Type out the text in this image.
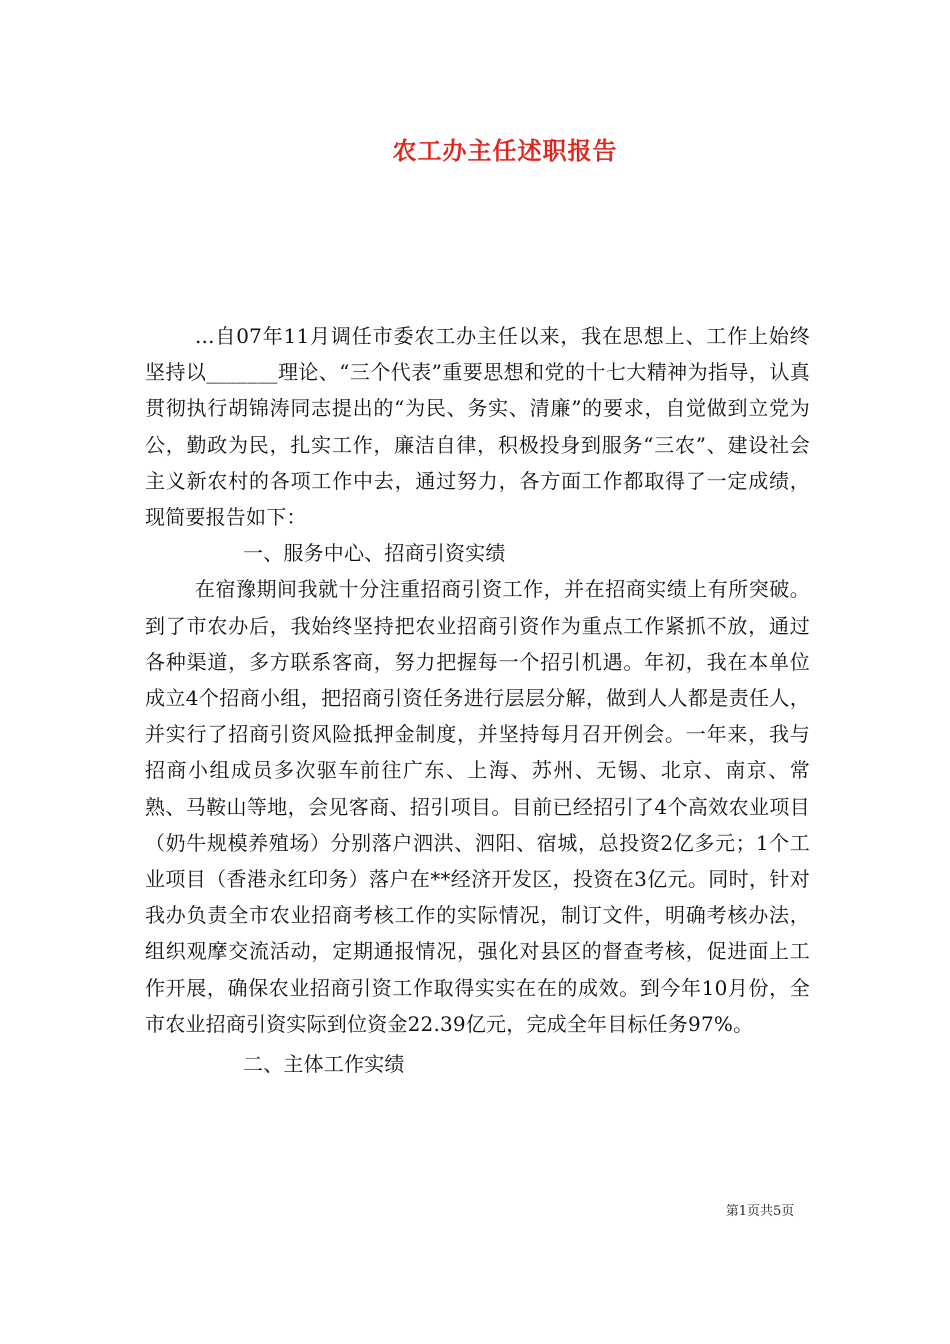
农工办主任述职报告

...自07年11月调任市委农工办主任以来，我在思想上、工作上始终坚持以_______理论、“三个代表”重要思想和党的十七大精神为指导，认真贯彻执行胡锦涛同志提出的“为民、务实、清廉”的要求，自觉做到立党为公，勤政为民，扎实工作，廉洁自律，积极投身到服务“三农”、建设社会主义新农村的各项工作中去，通过努力，各方面工作都取得了一定成绩，现简要报告如下：

一、服务中心、招商引资实绩

在宿豫期间我就十分注重招商引资工作，并在招商实绩上有所突破。到了市农办后，我始终坚持把农业招商引资作为重点工作紧抓不放，通过各种渠道，多方联系客商，努力把握每一个招引机遇。年初，我在本单位成立4个招商小组，把招商引资任务进行层层分解，做到人人都是责任人，并实行了招商引资风险抵押金制度，并坚持每月召开例会。一年来，我与招商小组成员多次驱车前往广东、上海、苏州、无锡、北京、南京、常熟、马鞍山等地，会见客商、招引项目。目前已经招引了4个高效农业项目（奶牛规模养殖场）分别落户泗洪、泗阳、宿城，总投资2亿多元；1个工业项目（香港永红印务）落户在**经济开发区，投资在3亿元。同时，针对我办负责全市农业招商考核工作的实际情况，制订文件，明确考核办法，组织观摩交流活动，定期通报情况，强化对县区的督查考核，促进面上工作开展，确保农业招商引资工作取得实实在在的成效。到今年10月份，全市农业招商引资实际到位资金22.39亿元，完成全年目标任务97%。

二、主体工作实绩

第1页共5页
